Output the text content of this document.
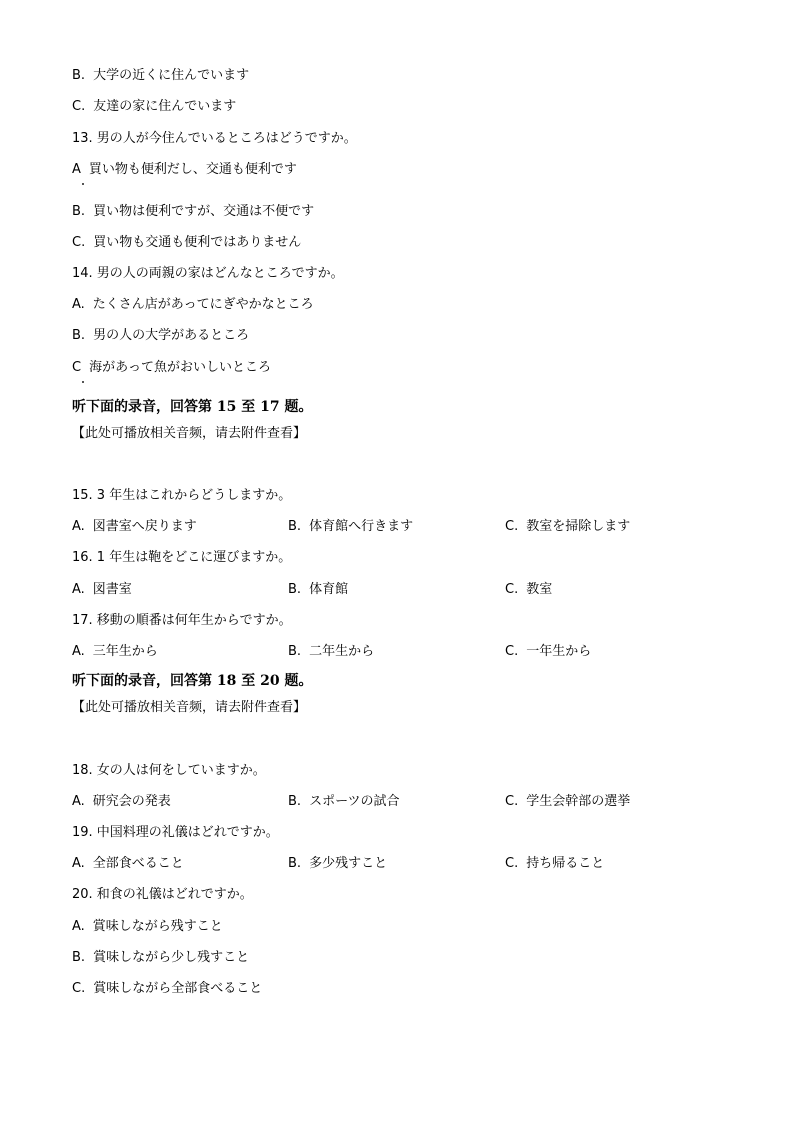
B. 大学の近くに住んでいます
C. 友達の家に住んでいます
13. 男の人が今住んでいるところはどうですか。
A 買い物も便利だし、交通も便利です
B. 買い物は便利ですが、交通は不便です
C. 買い物も交通も便利ではありません
14. 男の人の両親の家はどんなところですか。
A. たくさん店があってにぎやかなところ
B. 男の人の大学があるところ
C 海があって魚がおいしいところ
听下面的录音，回答第 15 至 17 题。
【此处可播放相关音频，请去附件查看】
15. 3 年生はこれからどうしますか。
A. 図書室へ戻ります	B. 体育館へ行きます	C. 教室を掃除します
16. 1 年生は鞄をどこに運びますか。
A. 図書室	B. 体育館	C. 教室
17. 移動の順番は何年生からですか。
A. 三年生から	B. 二年生から	C. 一年生から
听下面的录音，回答第 18 至 20 题。
【此处可播放相关音频，请去附件查看】
18. 女の人は何をしていますか。
A. 研究会の発表	B. スポーツの試合	C. 学生会幹部の選挙
19. 中国料理の礼儀はどれですか。
A. 全部食べること	B. 多少残すこと	C. 持ち帰ること
20. 和食の礼儀はどれですか。
A. 賞味しながら残すこと
B. 賞味しながら少し残すこと
C. 賞味しながら全部食べること
